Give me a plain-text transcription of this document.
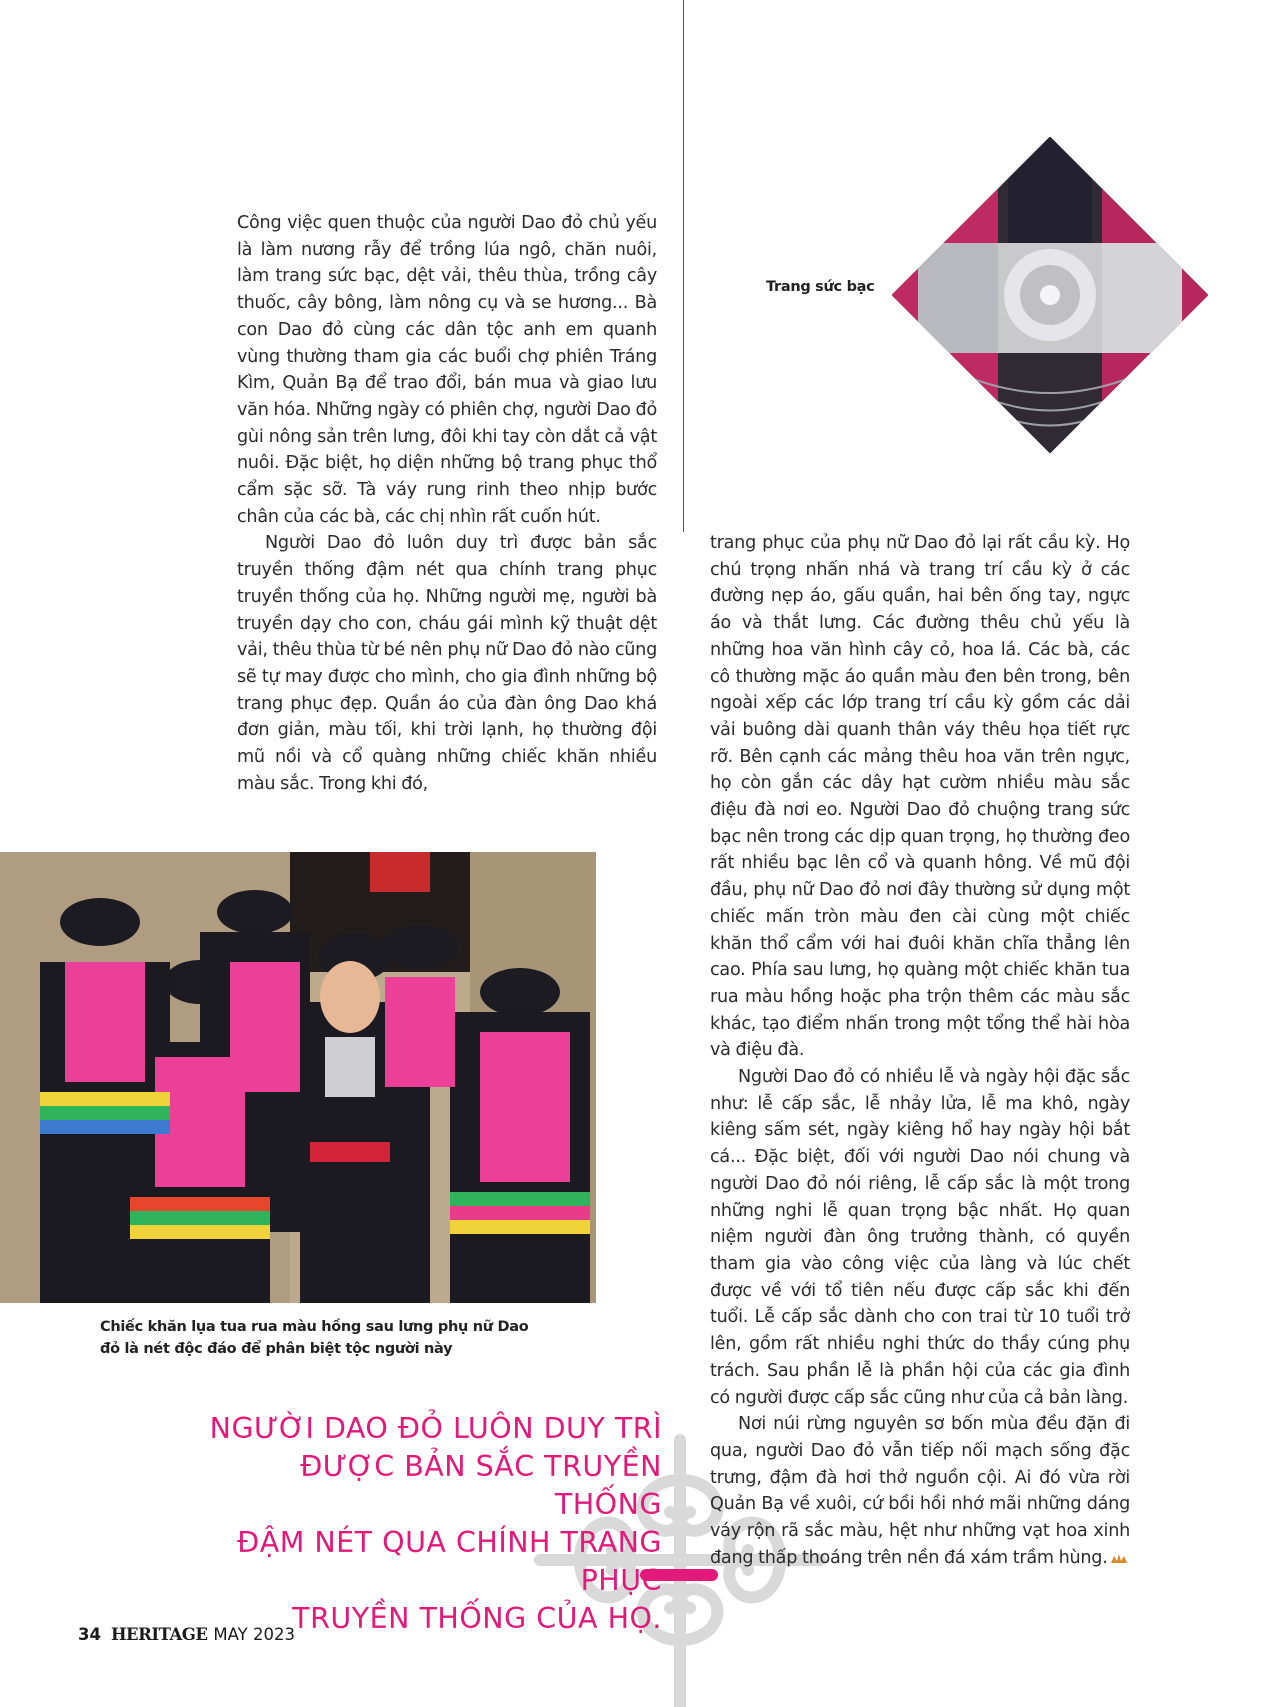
Công việc quen thuộc của người Dao đỏ chủ yếu là làm nương rẫy để trồng lúa ngô, chăn nuôi, làm trang sức bạc, dệt vải, thêu thùa, trồng cây thuốc, cây bông, làm nông cụ và se hương... Bà con Dao đỏ cùng các dân tộc anh em quanh vùng thường tham gia các buổi chợ phiên Tráng Kìm, Quản Bạ để trao đổi, bán mua và giao lưu văn hóa. Những ngày có phiên chợ, người Dao đỏ gùi nông sản trên lưng, đôi khi tay còn dắt cả vật nuôi. Đặc biệt, họ diện những bộ trang phục thổ cẩm sặc sỡ. Tà váy rung rinh theo nhịp bước chân của các bà, các chị nhìn rất cuốn hút.

Người Dao đỏ luôn duy trì được bản sắc truyền thống đậm nét qua chính trang phục truyền thống của họ. Những người mẹ, người bà truyền dạy cho con, cháu gái mình kỹ thuật dệt vải, thêu thùa từ bé nên phụ nữ Dao đỏ nào cũng sẽ tự may được cho mình, cho gia đình những bộ trang phục đẹp. Quần áo của đàn ông Dao khá đơn giản, màu tối, khi trời lạnh, họ thường đội mũ nồi và cổ quàng những chiếc khăn nhiều màu sắc. Trong khi đó,

Trang sức bạc
Chiếc khăn lụa tua rua màu hồng sau lưng phụ nữ Dao đỏ là nét độc đáo để phân biệt tộc người này
NGƯỜI DAO ĐỎ LUÔN DUY TRÌ
ĐƯỢC BẢN SẮC TRUYỀN THỐNG
ĐẬM NÉT QUA CHÍNH TRANG PHỤC
TRUYỀN THỐNG CỦA HỌ.

trang phục của phụ nữ Dao đỏ lại rất cầu kỳ. Họ chú trọng nhấn nhá và trang trí cầu kỳ ở các đường nẹp áo, gấu quần, hai bên ống tay, ngực áo và thắt lưng. Các đường thêu chủ yếu là những hoa văn hình cây cỏ, hoa lá. Các bà, các cô thường mặc áo quần màu đen bên trong, bên ngoài xếp các lớp trang trí cầu kỳ gồm các dải vải buông dài quanh thân váy thêu họa tiết rực rỡ. Bên cạnh các mảng thêu hoa văn trên ngực, họ còn gắn các dây hạt cườm nhiều màu sắc điệu đà nơi eo. Người Dao đỏ chuộng trang sức bạc nên trong các dịp quan trọng, họ thường đeo rất nhiều bạc lên cổ và quanh hông. Về mũ đội đầu, phụ nữ Dao đỏ nơi đây thường sử dụng một chiếc mấn tròn màu đen cài cùng một chiếc khăn thổ cẩm với hai đuôi khăn chĩa thẳng lên cao. Phía sau lưng, họ quàng một chiếc khăn tua rua màu hồng hoặc pha trộn thêm các màu sắc khác, tạo điểm nhấn trong một tổng thể hài hòa và điệu đà.

Người Dao đỏ có nhiều lễ và ngày hội đặc sắc như: lễ cấp sắc, lễ nhảy lửa, lễ ma khô, ngày kiêng sấm sét, ngày kiêng hổ hay ngày hội bắt cá... Đặc biệt, đối với người Dao nói chung và người Dao đỏ nói riêng, lễ cấp sắc là một trong những nghi lễ quan trọng bậc nhất. Họ quan niệm người đàn ông trưởng thành, có quyền tham gia vào công việc của làng và lúc chết được về với tổ tiên nếu được cấp sắc khi đến tuổi. Lễ cấp sắc dành cho con trai từ 10 tuổi trở lên, gồm rất nhiều nghi thức do thầy cúng phụ trách. Sau phần lễ là phần hội của các gia đình có người được cấp sắc cũng như của cả bản làng.

Nơi núi rừng nguyên sơ bốn mùa đều đặn đi qua, người Dao đỏ vẫn tiếp nối mạch sống đặc trưng, đậm đà hơi thở nguồn cội. Ai đó vừa rời Quản Bạ về xuôi, cứ bồi hồi nhớ mãi những dáng váy rộn rã sắc màu, hệt như những vạt hoa xinh đang thấp thoáng trên nền đá xám trầm hùng.

34 HERITAGE MAY 2023
